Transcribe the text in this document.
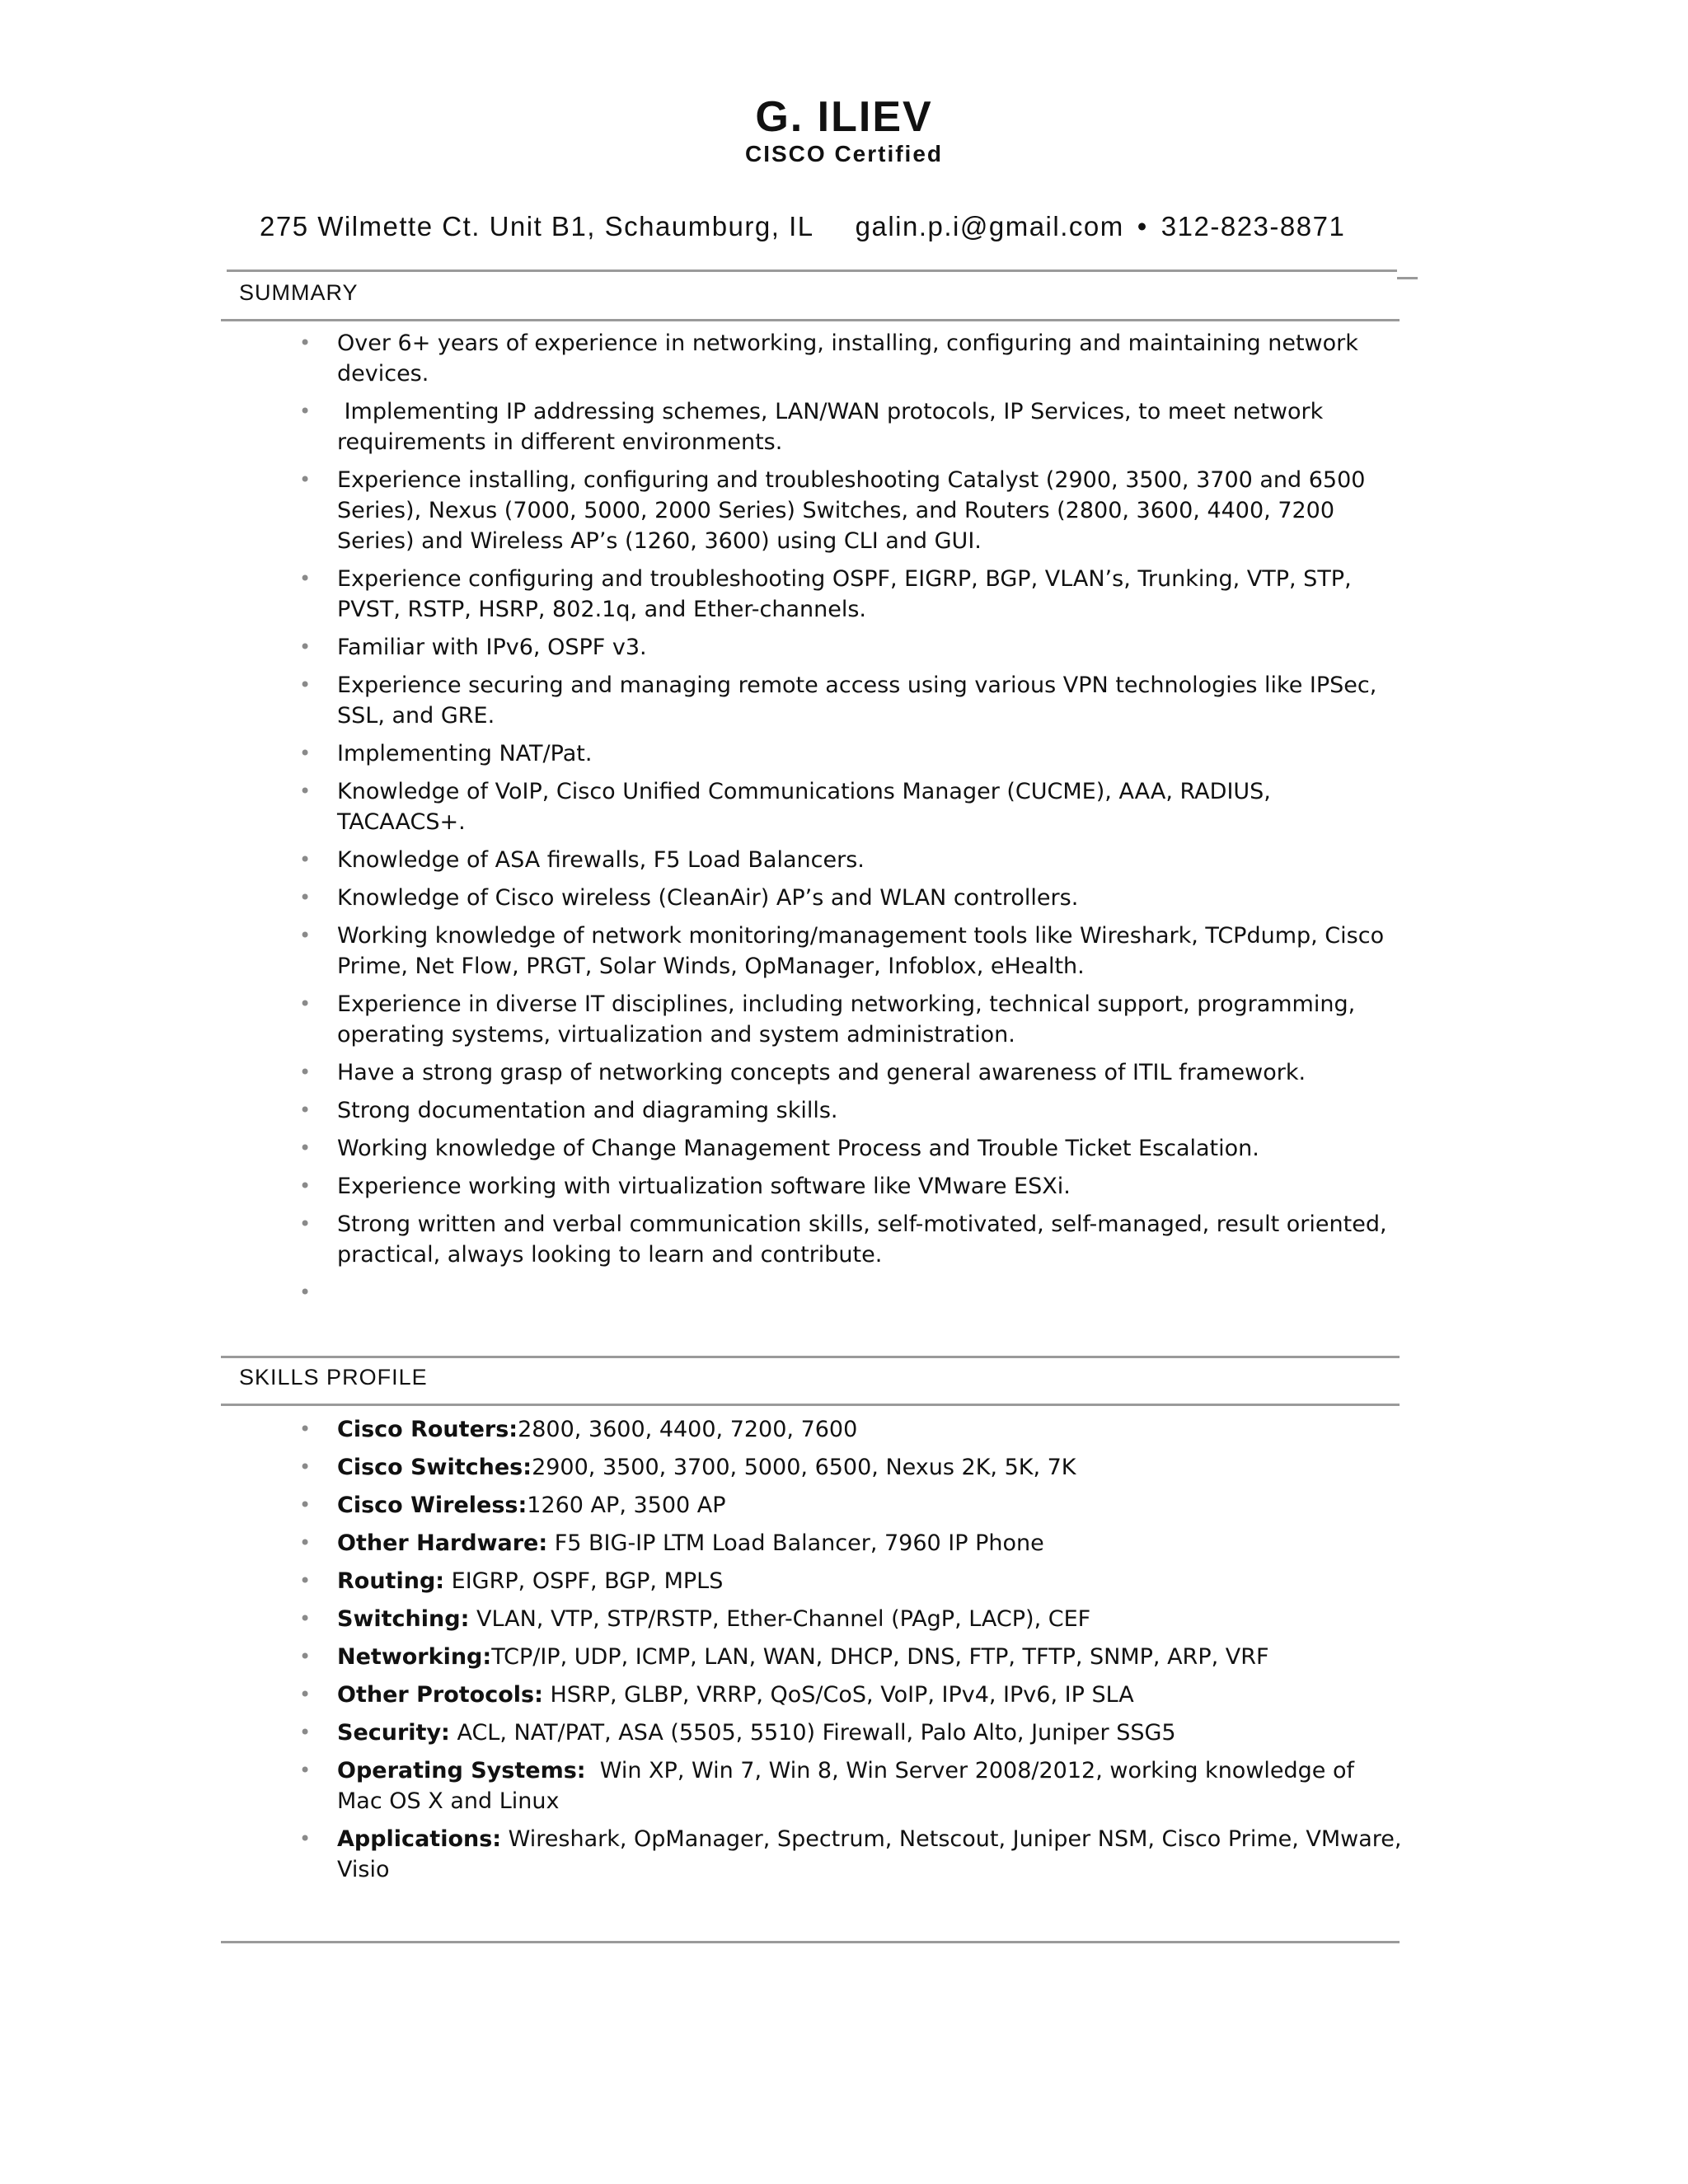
G. ILIEV
CISCO Certified
275 Wilmette Ct. Unit B1, Schaumburg, IL galin.p.i@gmail.com • 312-823-8871
SUMMARY
• Over 6+ years of experience in networking, installing, configuring and maintaining network devices.
• Implementing IP addressing schemes, LAN/WAN protocols, IP Services, to meet network requirements in different environments.
• Experience installing, configuring and troubleshooting Catalyst (2900, 3500, 3700 and 6500 Series), Nexus (7000, 5000, 2000 Series) Switches, and Routers (2800, 3600, 4400, 7200 Series) and Wireless AP’s (1260, 3600) using CLI and GUI.
• Experience configuring and troubleshooting OSPF, EIGRP, BGP, VLAN’s, Trunking, VTP, STP, PVST, RSTP, HSRP, 802.1q, and Ether-channels.
• Familiar with IPv6, OSPF v3.
• Experience securing and managing remote access using various VPN technologies like IPSec, SSL, and GRE.
• Implementing NAT/Pat.
• Knowledge of VoIP, Cisco Unified Communications Manager (CUCME), AAA, RADIUS, TACAACS+.
• Knowledge of ASA firewalls, F5 Load Balancers.
• Knowledge of Cisco wireless (CleanAir) AP’s and WLAN controllers.
• Working knowledge of network monitoring/management tools like Wireshark, TCPdump, Cisco Prime, Net Flow, PRGT, Solar Winds, OpManager, Infoblox, eHealth.
• Experience in diverse IT disciplines, including networking, technical support, programming, operating systems, virtualization and system administration.
• Have a strong grasp of networking concepts and general awareness of ITIL framework.
• Strong documentation and diagraming skills.
• Working knowledge of Change Management Process and Trouble Ticket Escalation.
• Experience working with virtualization software like VMware ESXi.
• Strong written and verbal communication skills, self-motivated, self-managed, result oriented, practical, always looking to learn and contribute.
•
SKILLS PROFILE
• Cisco Routers:2800, 3600, 4400, 7200, 7600
• Cisco Switches:2900, 3500, 3700, 5000, 6500, Nexus 2K, 5K, 7K
• Cisco Wireless:1260 AP, 3500 AP
• Other Hardware: F5 BIG-IP LTM Load Balancer, 7960 IP Phone
• Routing: EIGRP, OSPF, BGP, MPLS
• Switching: VLAN, VTP, STP/RSTP, Ether-Channel (PAgP, LACP), CEF
• Networking:TCP/IP, UDP, ICMP, LAN, WAN, DHCP, DNS, FTP, TFTP, SNMP, ARP, VRF
• Other Protocols: HSRP, GLBP, VRRP, QoS/CoS, VoIP, IPv4, IPv6, IP SLA
• Security: ACL, NAT/PAT, ASA (5505, 5510) Firewall, Palo Alto, Juniper SSG5
• Operating Systems:  Win XP, Win 7, Win 8, Win Server 2008/2012, working knowledge of Mac OS X and Linux
• Applications: Wireshark, OpManager, Spectrum, Netscout, Juniper NSM, Cisco Prime, VMware, Visio
